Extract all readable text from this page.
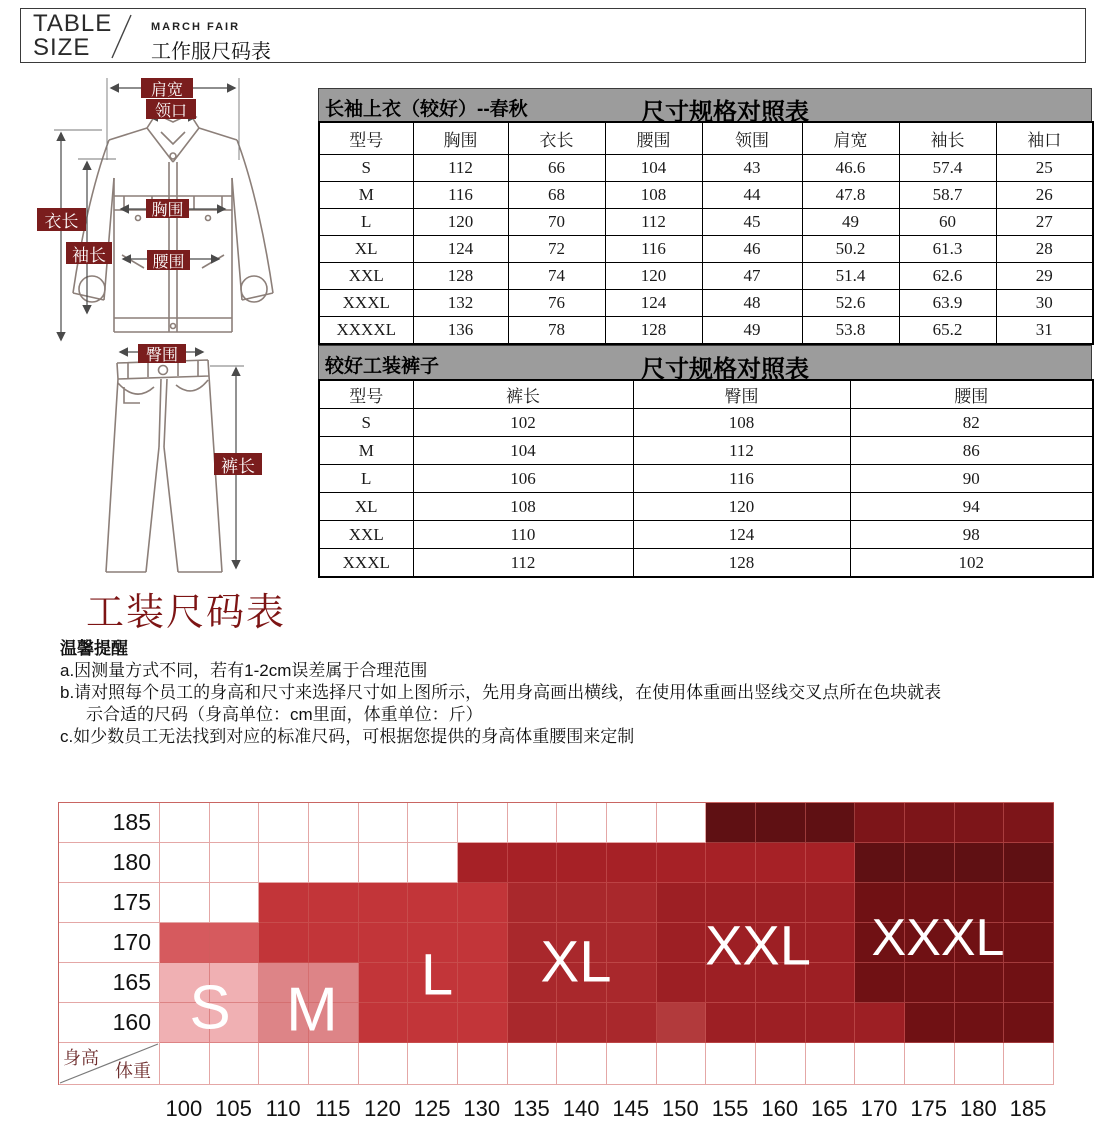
TABLE
SIZE
MARCH FAIR
工作服尺码表
肩宽
领口
衣长
胸围
袖长	腰围
臀围
裤长
长袖上衣（较好）--春秋	尺寸规格对照表
型号	胸围	衣长	腰围	领围	肩宽	袖长	袖口
S	112	66	104	43	46.6	57.4	25
M	116	68	108	44	47.8	58.7	26
L	120	70	112	45	49	60	27
XL	124	72	116	46	50.2	61.3	28
XXL	128	74	120	47	51.4	62.6	29
XXXL	132	76	124	48	52.6	63.9	30
XXXXL	136	78	128	49	53.8	65.2	31
较好工装裤子	尺寸规格对照表
型号	裤长	臀围	腰围
S	102	108	82
M	104	112	86
L	106	116	90
XL	108	120	94
XXL	110	124	98
XXXL	112	128	102
工装尺码表
温馨提醒
a.因测量方式不同，若有1-2cm误差属于合理范围
b.请对照每个员工的身高和尺寸来选择尺寸如上图所示，先用身高画出横线，在使用体重画出竖线交叉点所在色块就表
示合适的尺码（身高单位：cm里面，体重单位：斤）
c.如少数员工无法找到对应的标准尺码，可根据您提供的身高体重腰围来定制
185
180
175
170
165
160
身高
体重
S M
L XL XXL XXXL
100 105 110 115 120 125 130 135 140 145 150 155 160 165 170 175 180 185
